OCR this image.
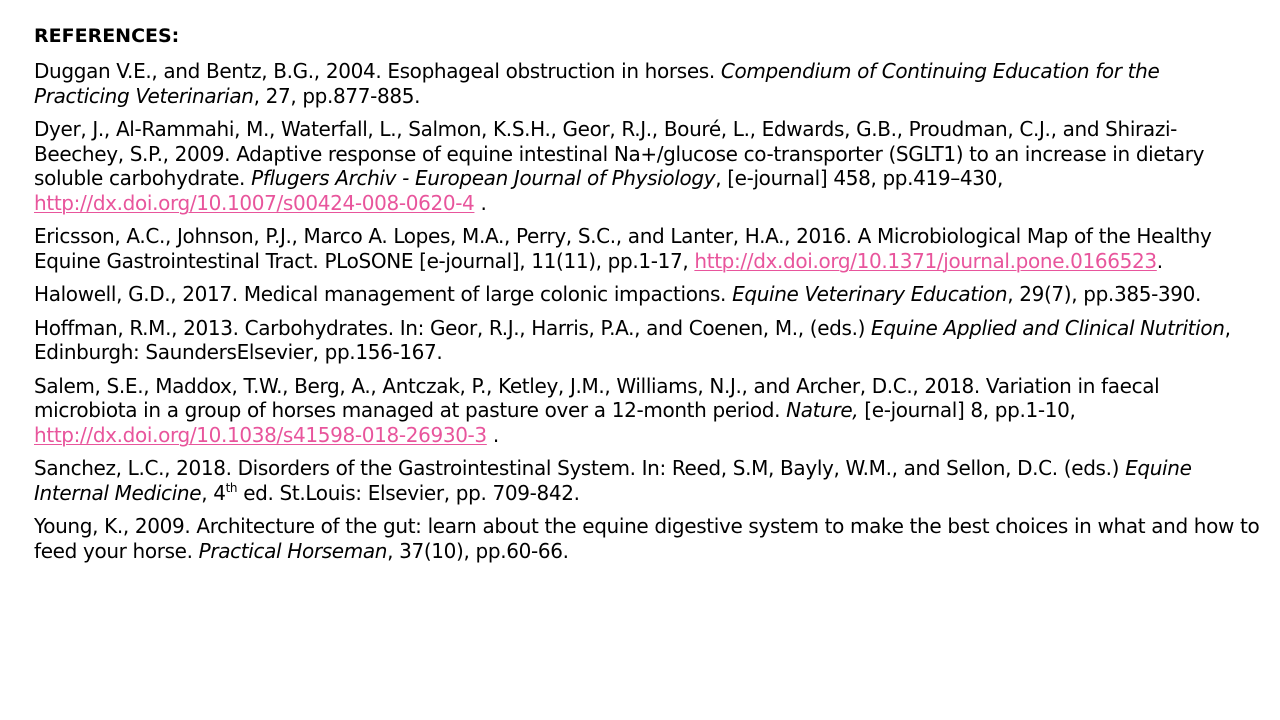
REFERENCES:

Duggan V.E., and Bentz, B.G., 2004. Esophageal obstruction in horses. Compendium of Continuing Education for the Practicing Veterinarian, 27, pp.877-885.

Dyer, J., Al-Rammahi, M., Waterfall, L., Salmon, K.S.H., Geor, R.J., Bouré, L., Edwards, G.B., Proudman, C.J., and Shirazi-Beechey, S.P., 2009. Adaptive response of equine intestinal Na+/glucose co-transporter (SGLT1) to an increase in dietary soluble carbohydrate. Pflugers Archiv - European Journal of Physiology, [e-journal] 458, pp.419–430, http://dx.doi.org/10.1007/s00424-008-0620-4 .

Ericsson, A.C., Johnson, P.J., Marco A. Lopes, M.A., Perry, S.C., and Lanter, H.A., 2016. A Microbiological Map of the Healthy Equine Gastrointestinal Tract. PLoSONE [e-journal], 11(11), pp.1-17, http://dx.doi.org/10.1371/journal.pone.0166523.

Halowell, G.D., 2017. Medical management of large colonic impactions. Equine Veterinary Education, 29(7), pp.385-390.

Hoffman, R.M., 2013. Carbohydrates. In: Geor, R.J., Harris, P.A., and Coenen, M., (eds.) Equine Applied and Clinical Nutrition, Edinburgh: SaundersElsevier, pp.156-167.

Salem, S.E., Maddox, T.W., Berg, A., Antczak, P., Ketley, J.M., Williams, N.J., and Archer, D.C., 2018. Variation in faecal microbiota in a group of horses managed at pasture over a 12-month period. Nature, [e-journal] 8, pp.1-10, http://dx.doi.org/10.1038/s41598-018-26930-3 .

Sanchez, L.C., 2018. Disorders of the Gastrointestinal System. In: Reed, S.M, Bayly, W.M., and Sellon, D.C. (eds.) Equine Internal Medicine, 4th ed. St.Louis: Elsevier, pp. 709-842.

Young, K., 2009. Architecture of the gut: learn about the equine digestive system to make the best choices in what and how to feed your horse. Practical Horseman, 37(10), pp.60-66.
